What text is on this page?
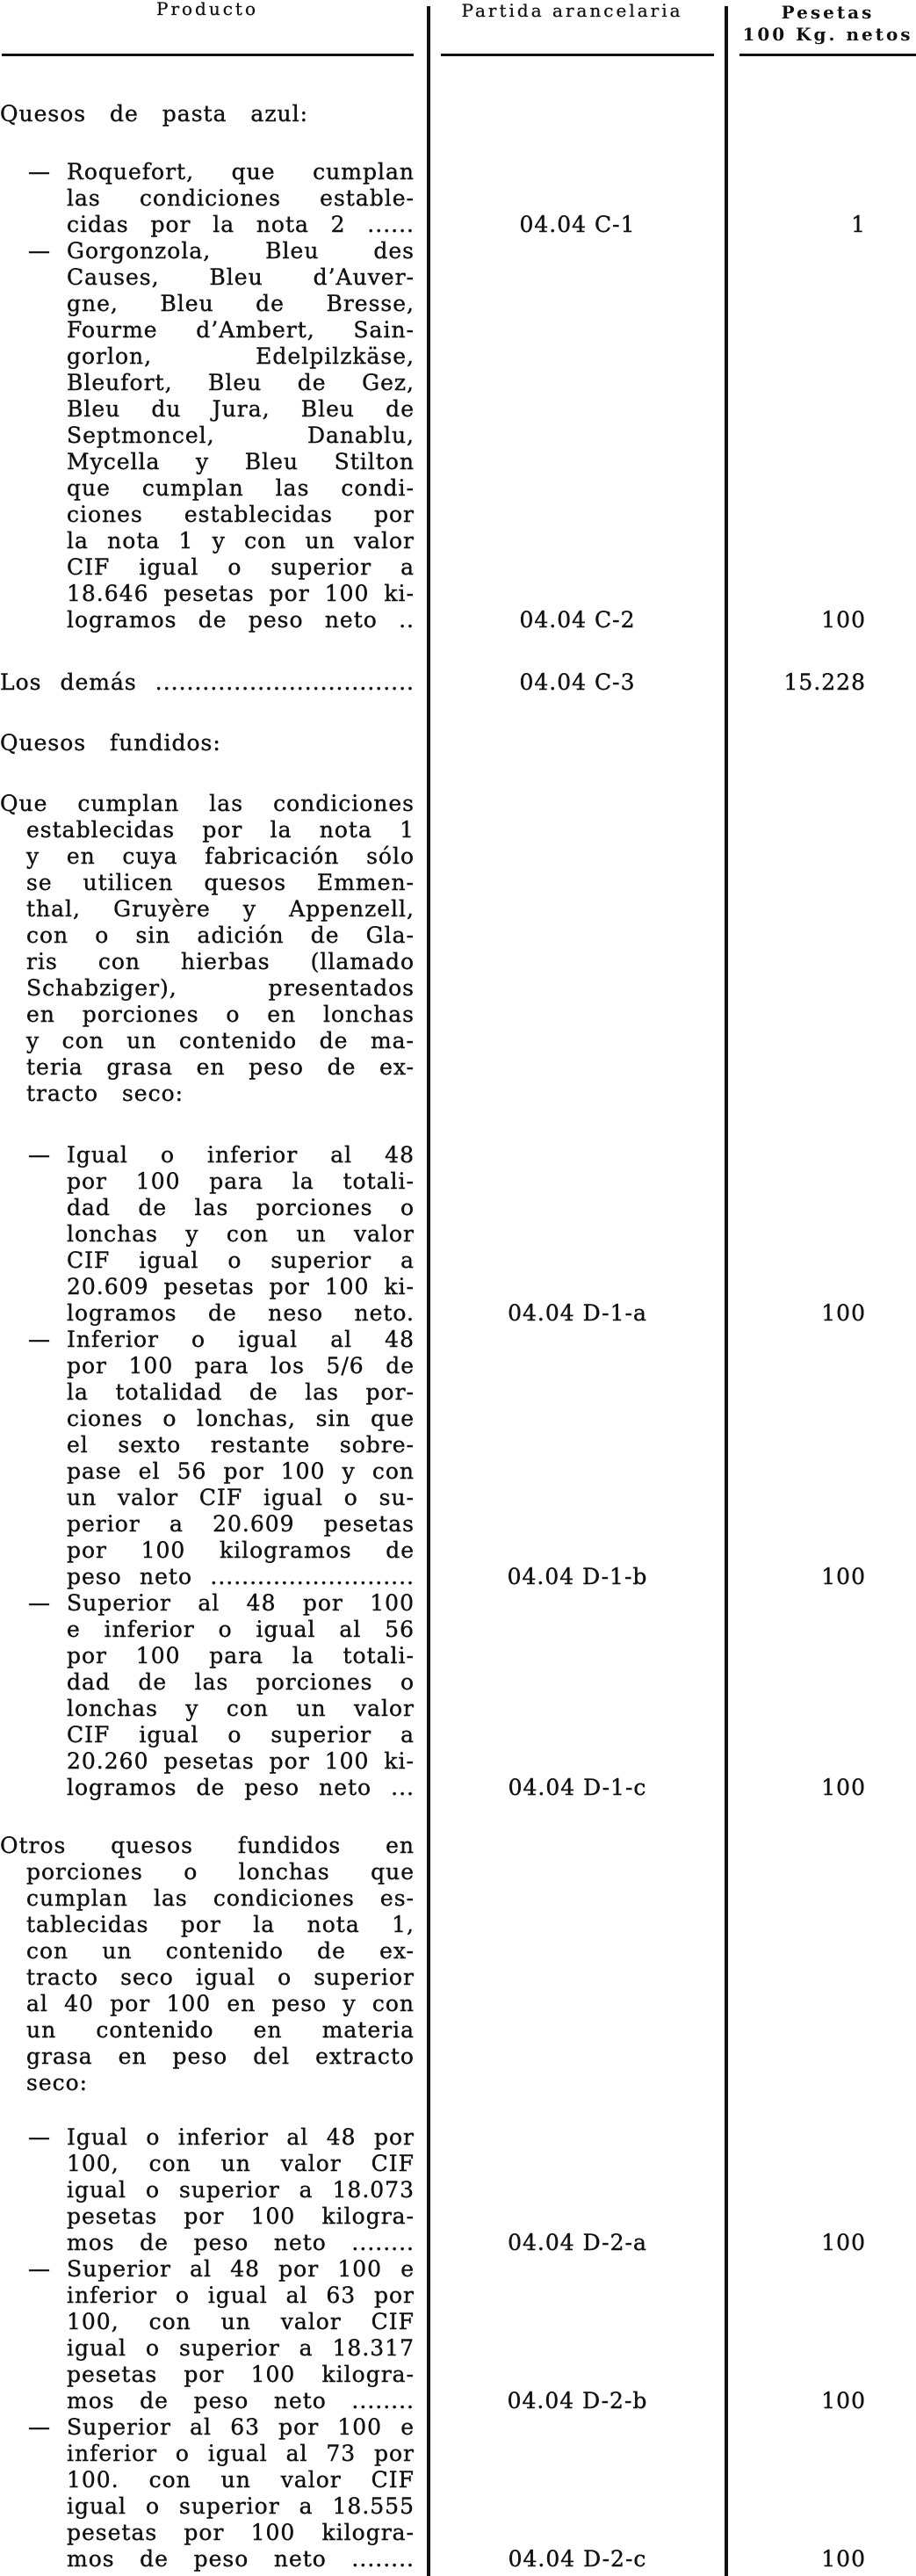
Producto	Partida arancelaria	Pesetas
100 Kg. netos
Quesos de pasta azul:
— Roquefort, que cumplan
las condiciones estable-
cidas por la nota 2 ......	04.04 C-1	1
— Gorgonzola, Bleu des
Causes, Bleu d’Auver-
gne, Bleu de Bresse,
Fourme d’Ambert, Sain-
gorlon, Edelpilzkäse,
Bleufort, Bleu de Gez,
Bleu du Jura, Bleu de
Septmoncel, Danablu,
Mycella y Bleu Stilton
que cumplan las condi-
ciones establecidas por
la nota 1 y con un valor
CIF igual o superior a
18.646 pesetas por 100 ki-
logramos de peso neto ..	04.04 C-2	100
Los demás .................................	04.04 C-3	15.228
Quesos fundidos:
Que cumplan las condiciones
establecidas por la nota 1
y en cuya fabricación sólo
se utilicen quesos Emmen-
thal, Gruyère y Appenzell,
con o sin adición de Gla-
ris con hierbas (llamado
Schabziger), presentados
en porciones o en lonchas
y con un contenido de ma-
teria grasa en peso de ex-
tracto seco:
— Igual o inferior al 48
por 100 para la totali-
dad de las porciones o
lonchas y con un valor
CIF igual o superior a
20.609 pesetas por 100 ki-
logramos de neso neto.	04.04 D-1-a	100
— Inferior o igual al 48
por 100 para los 5/6 de
la totalidad de las por-
ciones o lonchas, sin que
el sexto restante sobre-
pase el 56 por 100 y con
un valor CIF igual o su-
perior a 20.609 pesetas
por 100 kilogramos de
peso neto ..........................	04.04 D-1-b	100
— Superior al 48 por 100
e inferior o igual al 56
por 100 para la totali-
dad de las porciones o
lonchas y con un valor
CIF igual o superior a
20.260 pesetas por 100 ki-
logramos de peso neto ...	04.04 D-1-c	100
Otros quesos fundidos en
porciones o lonchas que
cumplan las condiciones es-
tablecidas por la nota 1,
con un contenido de ex-
tracto seco igual o superior
al 40 por 100 en peso y con
un contenido en materia
grasa en peso del extracto
seco:
— Igual o inferior al 48 por
100, con un valor CIF
igual o superior a 18.073
pesetas por 100 kilogra-
mos de peso neto ........	04.04 D-2-a	100
— Superior al 48 por 100 e
inferior o igual al 63 por
100, con un valor CIF
igual o superior a 18.317
pesetas por 100 kilogra-
mos de peso neto ........	04.04 D-2-b	100
— Superior al 63 por 100 e
inferior o igual al 73 por
100. con un valor CIF
igual o superior a 18.555
pesetas por 100 kilogra-
mos de peso neto ........	04.04 D-2-c	100
